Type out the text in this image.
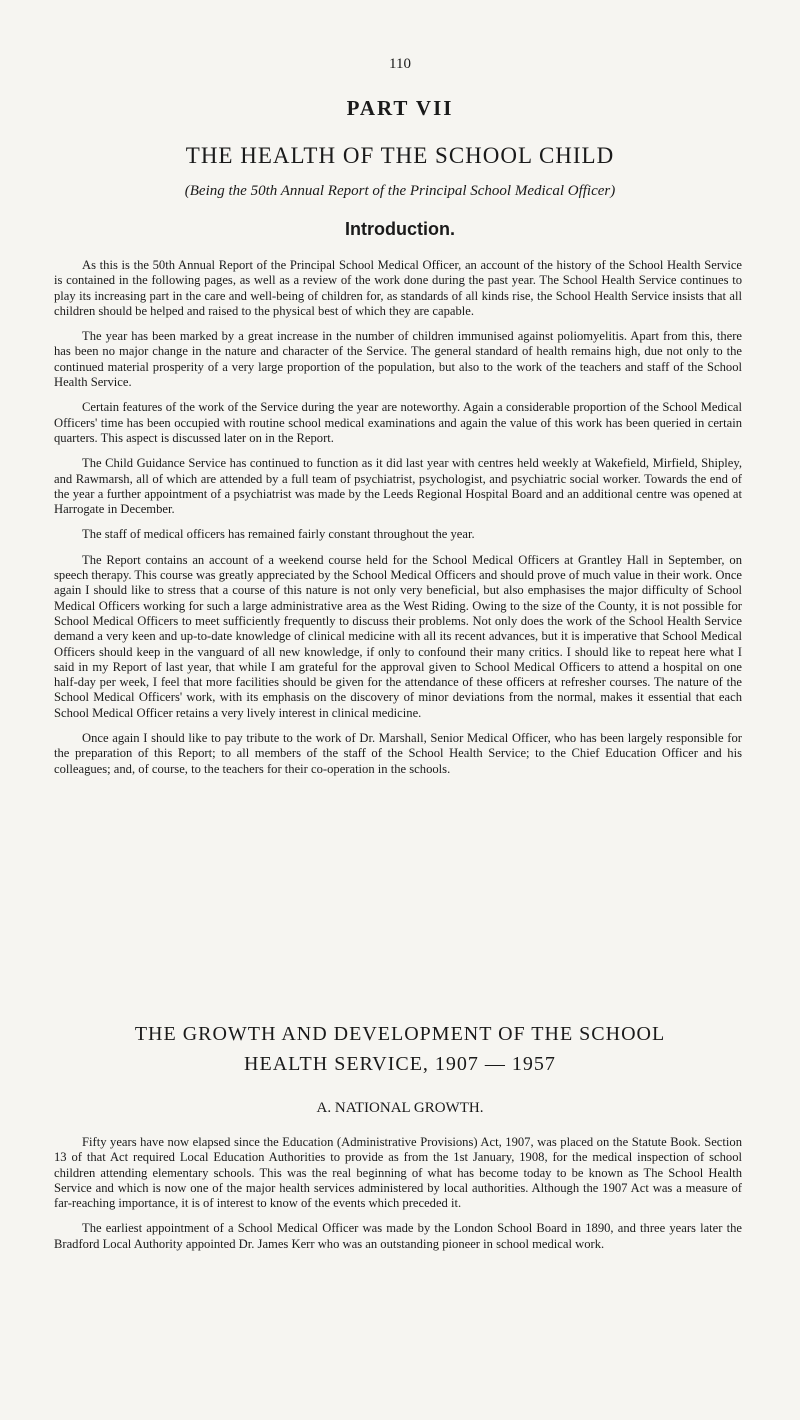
110
PART VII
THE HEALTH OF THE SCHOOL CHILD
(Being the 50th Annual Report of the Principal School Medical Officer)
Introduction.

As this is the 50th Annual Report of the Principal School Medical Officer, an account of the history of the School Health Service is contained in the following pages, as well as a review of the work done during the past year. The School Health Service continues to play its increasing part in the care and well-being of children for, as standards of all kinds rise, the School Health Service insists that all children should be helped and raised to the physical best of which they are capable.

The year has been marked by a great increase in the number of children immunised against poliomyelitis. Apart from this, there has been no major change in the nature and character of the Service. The general standard of health remains high, due not only to the continued material prosperity of a very large proportion of the population, but also to the work of the teachers and staff of the School Health Service.

Certain features of the work of the Service during the year are noteworthy. Again a considerable proportion of the School Medical Officers' time has been occupied with routine school medical examinations and again the value of this work has been queried in certain quarters. This aspect is discussed later on in the Report.

The Child Guidance Service has continued to function as it did last year with centres held weekly at Wakefield, Mirfield, Shipley, and Rawmarsh, all of which are attended by a full team of psychiatrist, psychologist, and psychiatric social worker. Towards the end of the year a further appointment of a psychiatrist was made by the Leeds Regional Hospital Board and an additional centre was opened at Harrogate in December.

The staff of medical officers has remained fairly constant throughout the year.

The Report contains an account of a weekend course held for the School Medical Officers at Grantley Hall in September, on speech therapy. This course was greatly appreciated by the School Medical Officers and should prove of much value in their work. Once again I should like to stress that a course of this nature is not only very beneficial, but also emphasises the major difficulty of School Medical Officers working for such a large administrative area as the West Riding. Owing to the size of the County, it is not possible for School Medical Officers to meet sufficiently frequently to discuss their problems. Not only does the work of the School Health Service demand a very keen and up-to-date knowledge of clinical medicine with all its recent advances, but it is imperative that School Medical Officers should keep in the vanguard of all new knowledge, if only to confound their many critics. I should like to repeat here what I said in my Report of last year, that while I am grateful for the approval given to School Medical Officers to attend a hospital on one half-day per week, I feel that more facilities should be given for the attendance of these officers at refresher courses. The nature of the School Medical Officers' work, with its emphasis on the discovery of minor deviations from the normal, makes it essential that each School Medical Officer retains a very lively interest in clinical medicine.

Once again I should like to pay tribute to the work of Dr. Marshall, Senior Medical Officer, who has been largely responsible for the preparation of this Report; to all members of the staff of the School Health Service; to the Chief Education Officer and his colleagues; and, of course, to the teachers for their co-operation in the schools.

THE GROWTH AND DEVELOPMENT OF THE SCHOOL
HEALTH SERVICE, 1907 — 1957
A. NATIONAL GROWTH.

Fifty years have now elapsed since the Education (Administrative Provisions) Act, 1907, was placed on the Statute Book. Section 13 of that Act required Local Education Authorities to provide as from the 1st January, 1908, for the medical inspection of school children attending elementary schools. This was the real beginning of what has become today to be known as The School Health Service and which is now one of the major health services administered by local authorities. Although the 1907 Act was a measure of far-reaching importance, it is of interest to know of the events which preceded it.

The earliest appointment of a School Medical Officer was made by the London School Board in 1890, and three years later the Bradford Local Authority appointed Dr. James Kerr who was an outstanding pioneer in school medical work.
